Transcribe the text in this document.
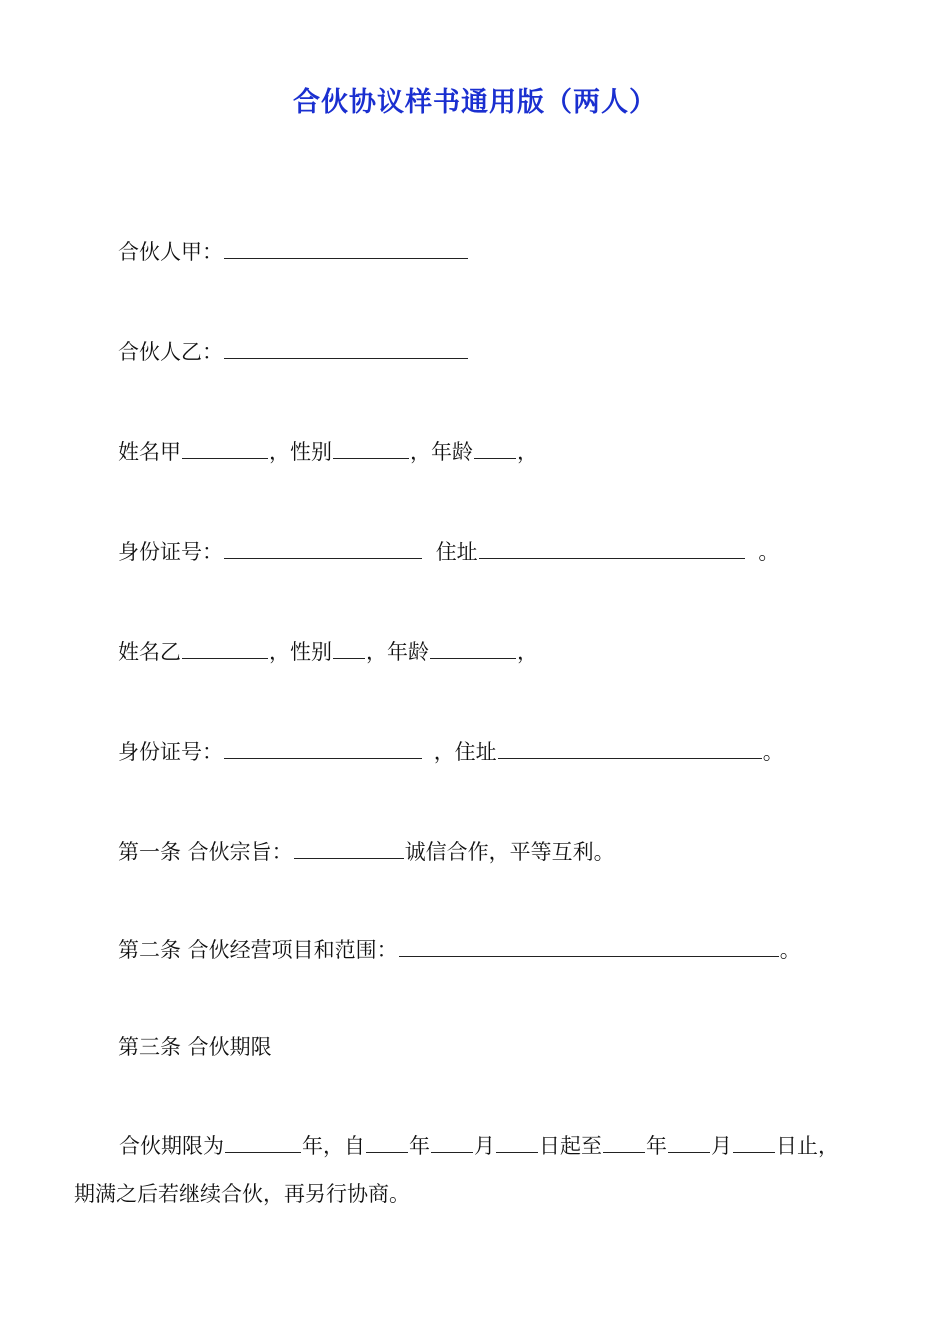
合伙协议样书通用版（两人）
合伙人甲：
合伙人乙：
姓名甲	，性别	，年龄 ，
身份证号：	住址	。
姓名乙	，性别 ，年龄	，
身份证号：	，住址	。
第一条 合伙宗旨：	诚信合作，平等互利。
第二条 合伙经营项目和范围：	。
第三条 合伙期限
合伙期限为	年，自 年 月 日起至 年 月 日止，
期满之后若继续合伙，再另行协商。
